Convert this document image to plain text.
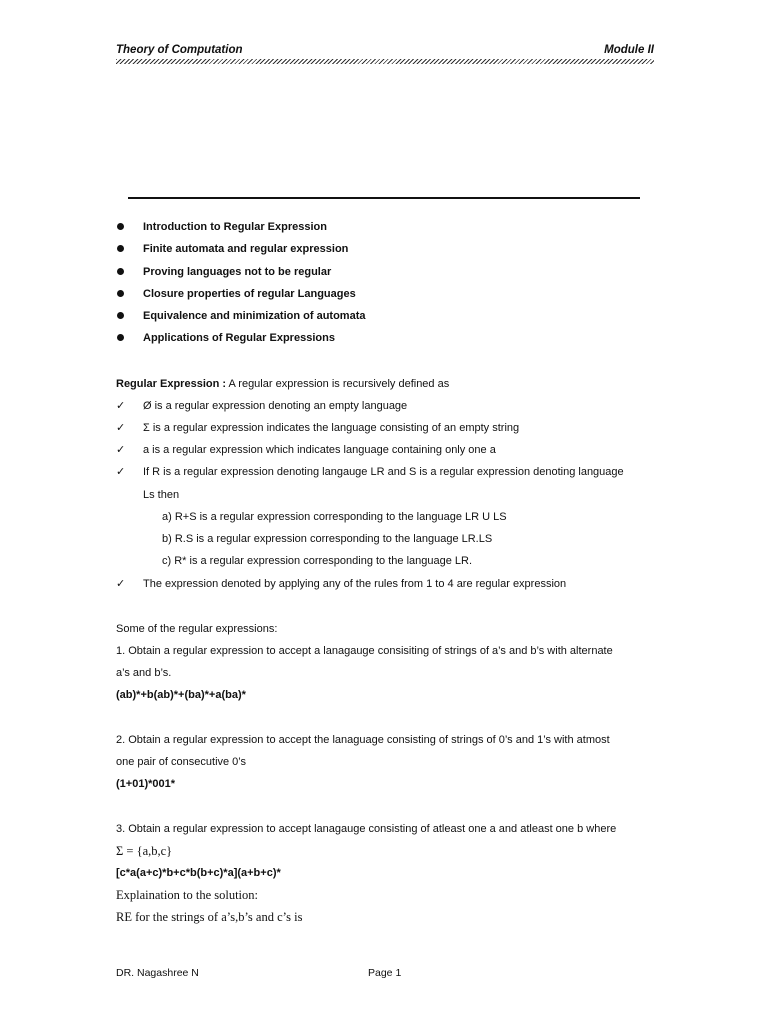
Theory of Computation	Module II
Introduction to Regular Expression
Finite automata and regular expression
Proving languages not to be regular
Closure properties of regular Languages
Equivalence and minimization of automata
Applications of Regular Expressions
Regular Expression : A regular expression is recursively defined as
✓ Ø is a regular expression denoting an empty language
✓ Σ is a regular expression indicates the language consisting of an empty string
✓ a is a regular expression which indicates language containing only one a
✓ If R is a regular expression denoting langauge LR and S is a regular expression denoting language
Ls then
a) R+S is a regular expression corresponding to the language LR U LS
b) R.S is a regular expression corresponding to the language LR.LS
c) R* is a regular expression corresponding to the language LR.
✓ The expression denoted by applying any of the rules from 1 to 4 are regular expression
Some of the regular expressions:
1. Obtain a regular expression to accept a lanagauge consisiting of strings of a’s and b’s with alternate
a’s and b’s.
(ab)*+b(ab)*+(ba)*+a(ba)*
2. Obtain a regular expression to accept the lanaguage consisting of strings of 0’s and 1’s with atmost
one pair of consecutive 0’s
(1+01)*001*
3. Obtain a regular expression to accept lanagauge consisting of atleast one a and atleast one b where
Σ = {a,b,c}
[c*a(a+c)*b+c*b(b+c)*a](a+b+c)*
Explaination to the solution:
RE for the strings of a’s,b’s and c’s is
DR. Nagashree N	Page 1
